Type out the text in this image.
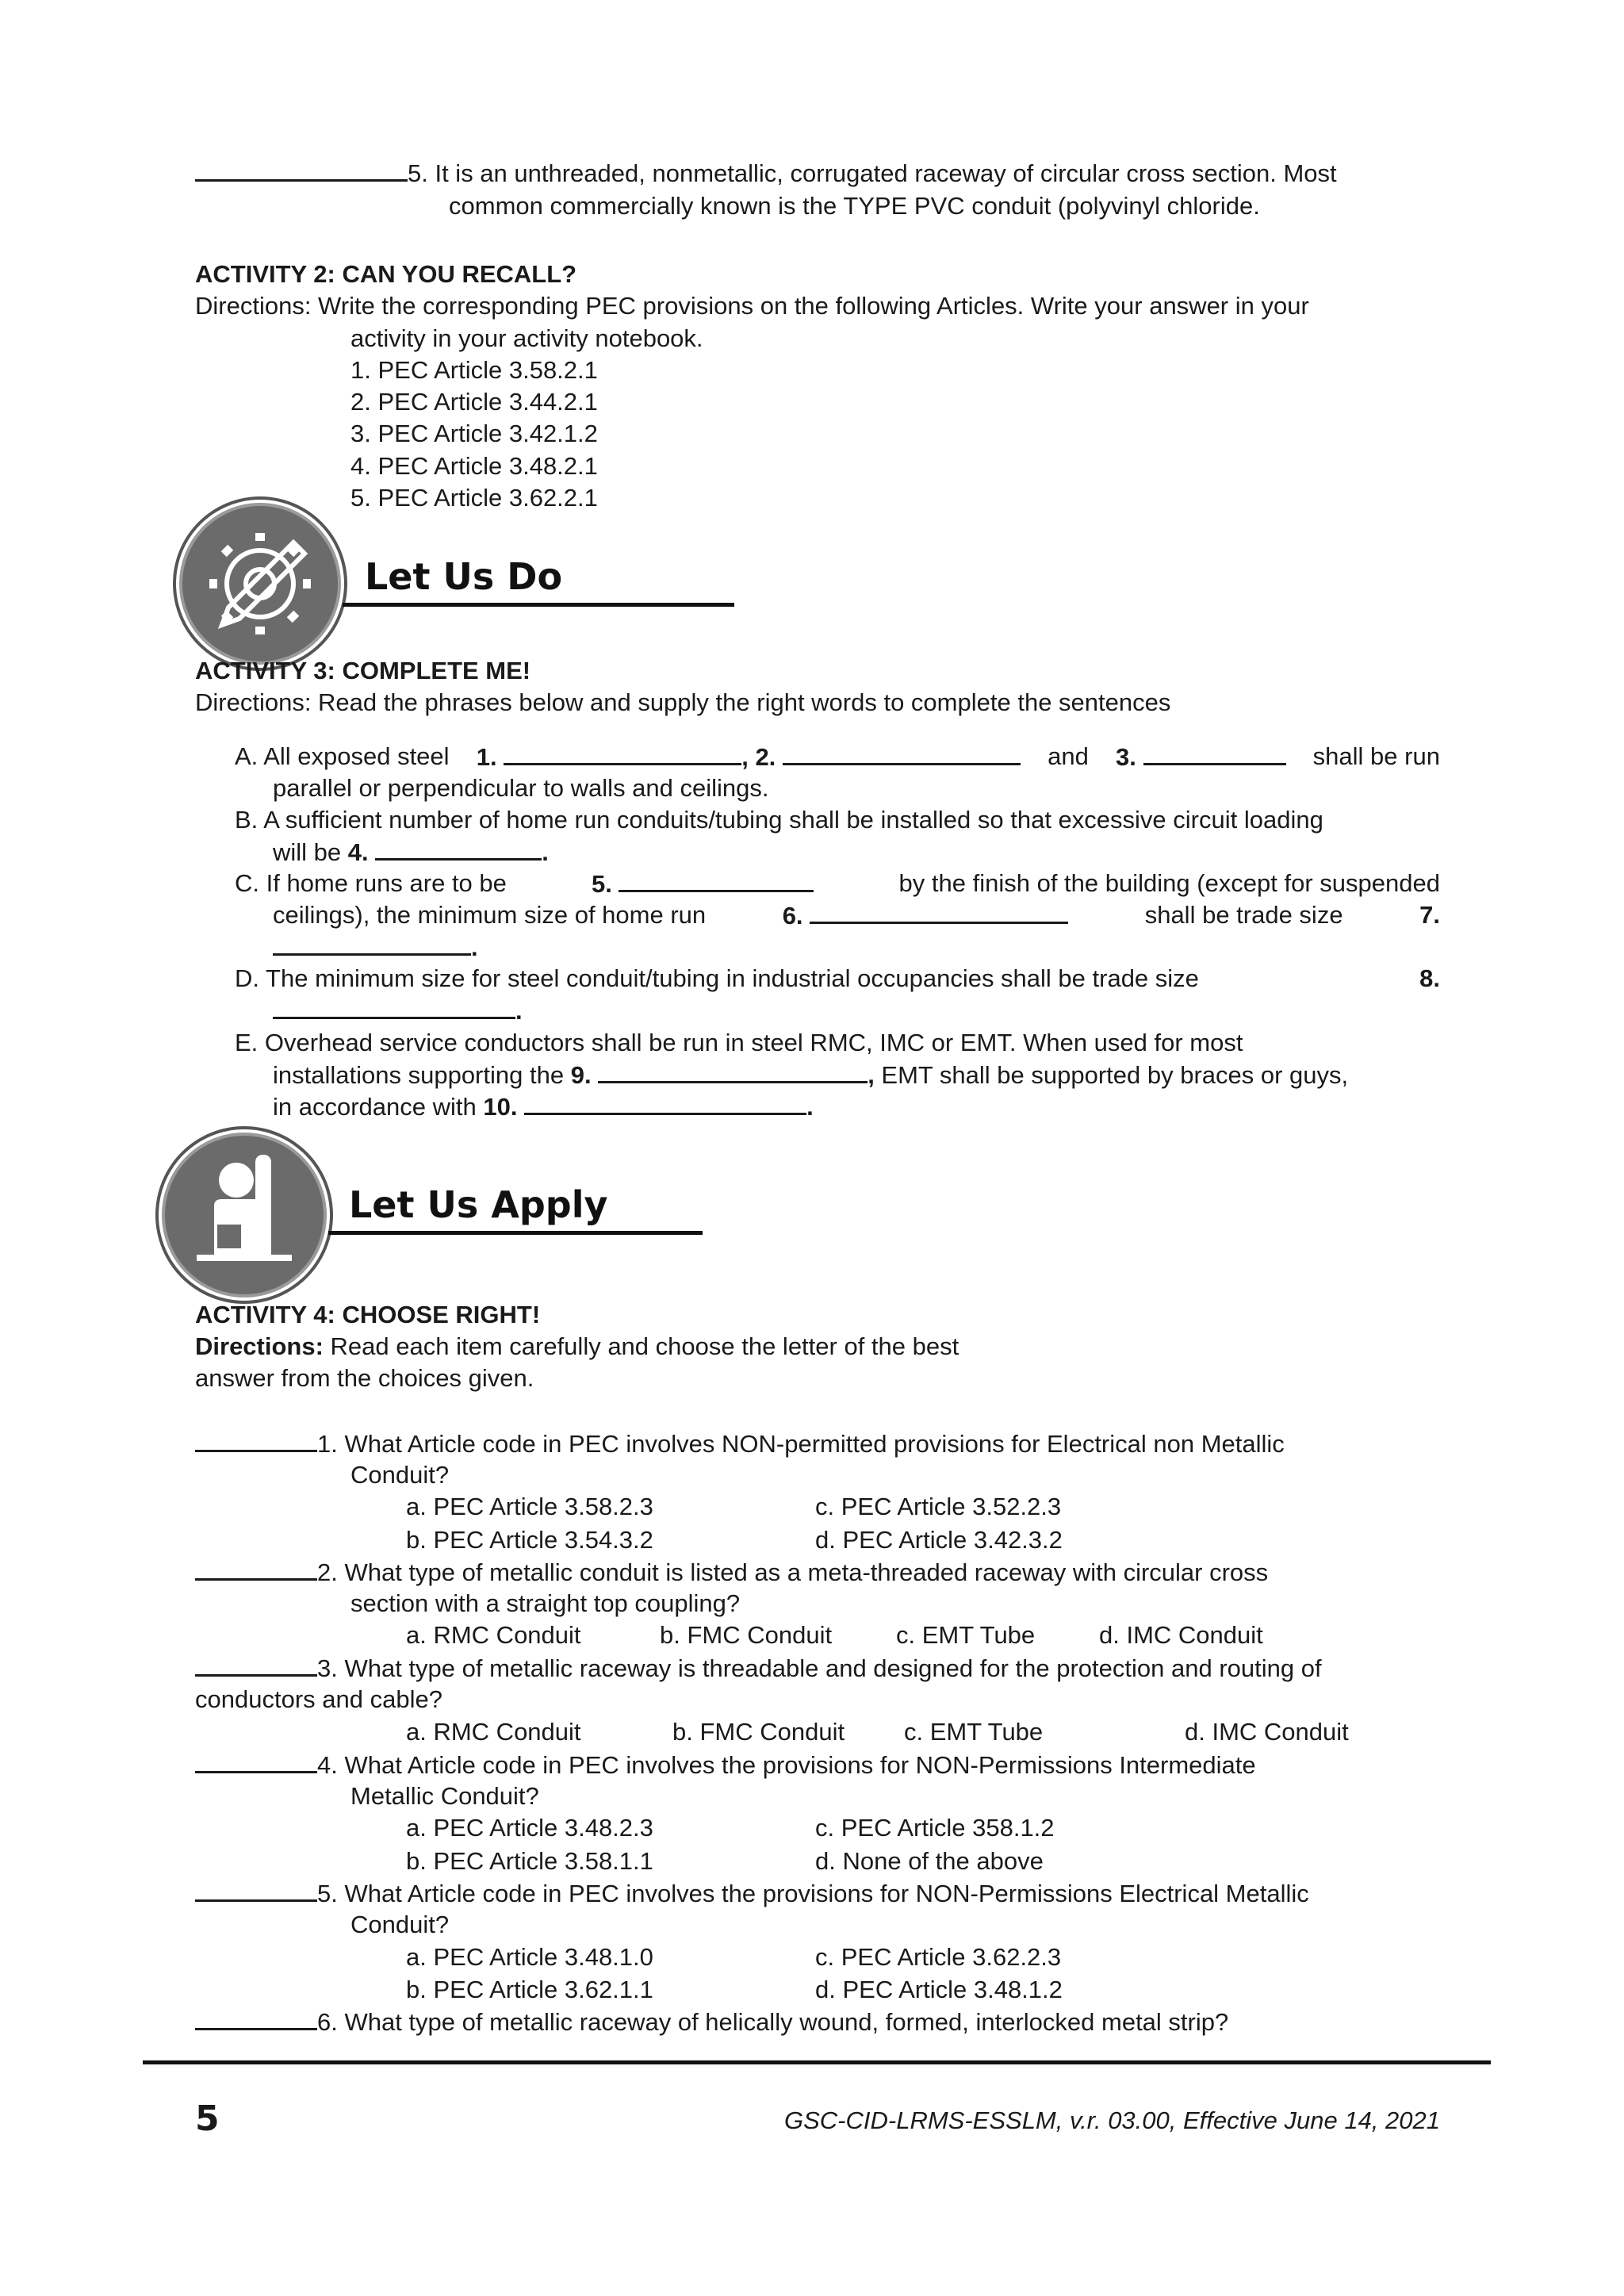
5. It is an unthreaded, nonmetallic, corrugated raceway of circular cross section. Most
common commercially known is the TYPE PVC conduit (polyvinyl chloride.
ACTIVITY 2: CAN YOU RECALL?
Directions: Write the corresponding PEC provisions on the following Articles. Write your answer in your
activity in your activity notebook.
1. PEC Article 3.58.2.1
2. PEC Article 3.44.2.1
3. PEC Article 3.42.1.2
4. PEC Article 3.48.2.1
5. PEC Article 3.62.2.1
Let Us Do
ACTIVITY 3: COMPLETE ME!
Directions: Read the phrases below and supply the right words to complete the sentences
A. All exposed steel 1.	, 2.	and 3.	shall be run
parallel or perpendicular to walls and ceilings.
B. A sufficient number of home run conduits/tubing shall be installed so that excessive circuit loading
will be 4.	.
C. If home runs are to be	5.	by the finish of the building (except for suspended
ceilings), the minimum size of home run	6.	shall be trade size	7.
.
D. The minimum size for steel conduit/tubing in industrial occupancies shall be trade size	8.
.
E. Overhead service conductors shall be run in steel RMC, IMC or EMT. When used for most
installations supporting the 9.	, EMT shall be supported by braces or guys,
in accordance with 10.	.
Let Us Apply
ACTIVITY 4: CHOOSE RIGHT!
Directions: Read each item carefully and choose the letter of the best
answer from the choices given.
1. What Article code in PEC involves NON-permitted provisions for Electrical non Metallic
Conduit?
a. PEC Article 3.58.2.3	c. PEC Article 3.52.2.3
b. PEC Article 3.54.3.2	d. PEC Article 3.42.3.2
2. What type of metallic conduit is listed as a meta-threaded raceway with circular cross
section with a straight top coupling?
a. RMC Conduit	b. FMC Conduit	c. EMT Tube	d. IMC Conduit
3. What type of metallic raceway is threadable and designed for the protection and routing of
conductors and cable?
a. RMC Conduit	b. FMC Conduit c. EMT Tube	d. IMC Conduit
4. What Article code in PEC involves the provisions for NON-Permissions Intermediate
Metallic Conduit?
a. PEC Article 3.48.2.3	c. PEC Article 358.1.2
b. PEC Article 3.58.1.1	d. None of the above
5. What Article code in PEC involves the provisions for NON-Permissions Electrical Metallic
Conduit?
a. PEC Article 3.48.1.0	c. PEC Article 3.62.2.3
b. PEC Article 3.62.1.1	d. PEC Article 3.48.1.2
6. What type of metallic raceway of helically wound, formed, interlocked metal strip?
5	GSC-CID-LRMS-ESSLM, v.r. 03.00, Effective June 14, 2021
